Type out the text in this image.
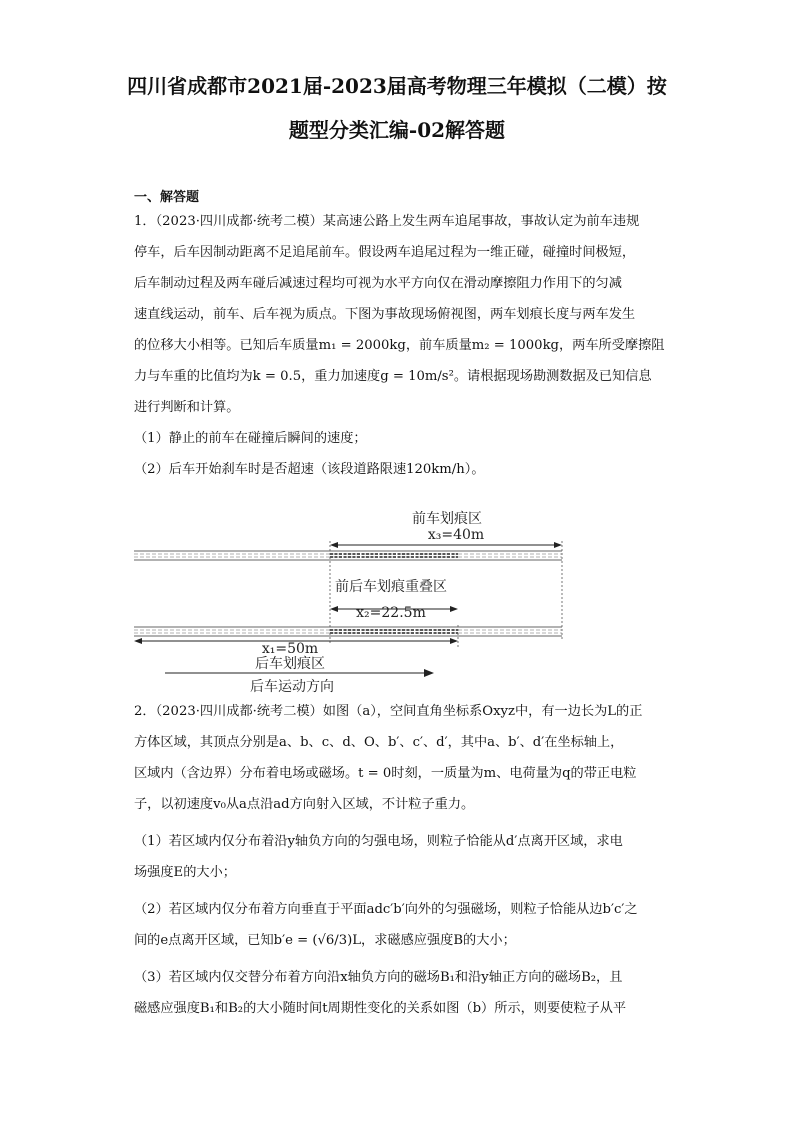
四川省成都市2021届-2023届高考物理三年模拟（二模）按
题型分类汇编-02解答题
一、解答题
1．（2023·四川成都·统考二模）某高速公路上发生两车追尾事故，事故认定为前车违规
停车，后车因制动距离不足追尾前车。假设两车追尾过程为一维正碰，碰撞时间极短，
后车制动过程及两车碰后减速过程均可视为水平方向仅在滑动摩擦阻力作用下的匀减
速直线运动，前车、后车视为质点。下图为事故现场俯视图，两车划痕长度与两车发生
的位移大小相等。已知后车质量m₁ = 2000kg，前车质量m₂ = 1000kg，两车所受摩擦阻
力与车重的比值均为k = 0.5，重力加速度g = 10m/s²。请根据现场勘测数据及已知信息
进行判断和计算。
（1）静止的前车在碰撞后瞬间的速度；
（2）后车开始刹车时是否超速（该段道路限速120km/h）。
前车划痕区
x₃=40m
前后车划痕重叠区
x₂=22.5m
x₁=50m
后车划痕区
后车运动方向
2．（2023·四川成都·统考二模）如图（a），空间直角坐标系Oxyz中，有一边长为L的正
方体区域，其顶点分别是a、b、c、d、O、b′、c′、d′，其中a、b′、d′在坐标轴上，
区域内（含边界）分布着电场或磁场。t = 0时刻，一质量为m、电荷量为q的带正电粒
子，以初速度v₀从a点沿ad方向射入区域，不计粒子重力。
（1）若区域内仅分布着沿y轴负方向的匀强电场，则粒子恰能从d′点离开区域，求电
场强度E的大小；
（2）若区域内仅分布着方向垂直于平面adc′b′向外的匀强磁场，则粒子恰能从边b′c′之
间的e点离开区域，已知b′e = (√6/3)L，求磁感应强度B的大小；
（3）若区域内仅交替分布着方向沿x轴负方向的磁场B₁和沿y轴正方向的磁场B₂，且
磁感应强度B₁和B₂的大小随时间t周期性变化的关系如图（b）所示，则要使粒子从平
